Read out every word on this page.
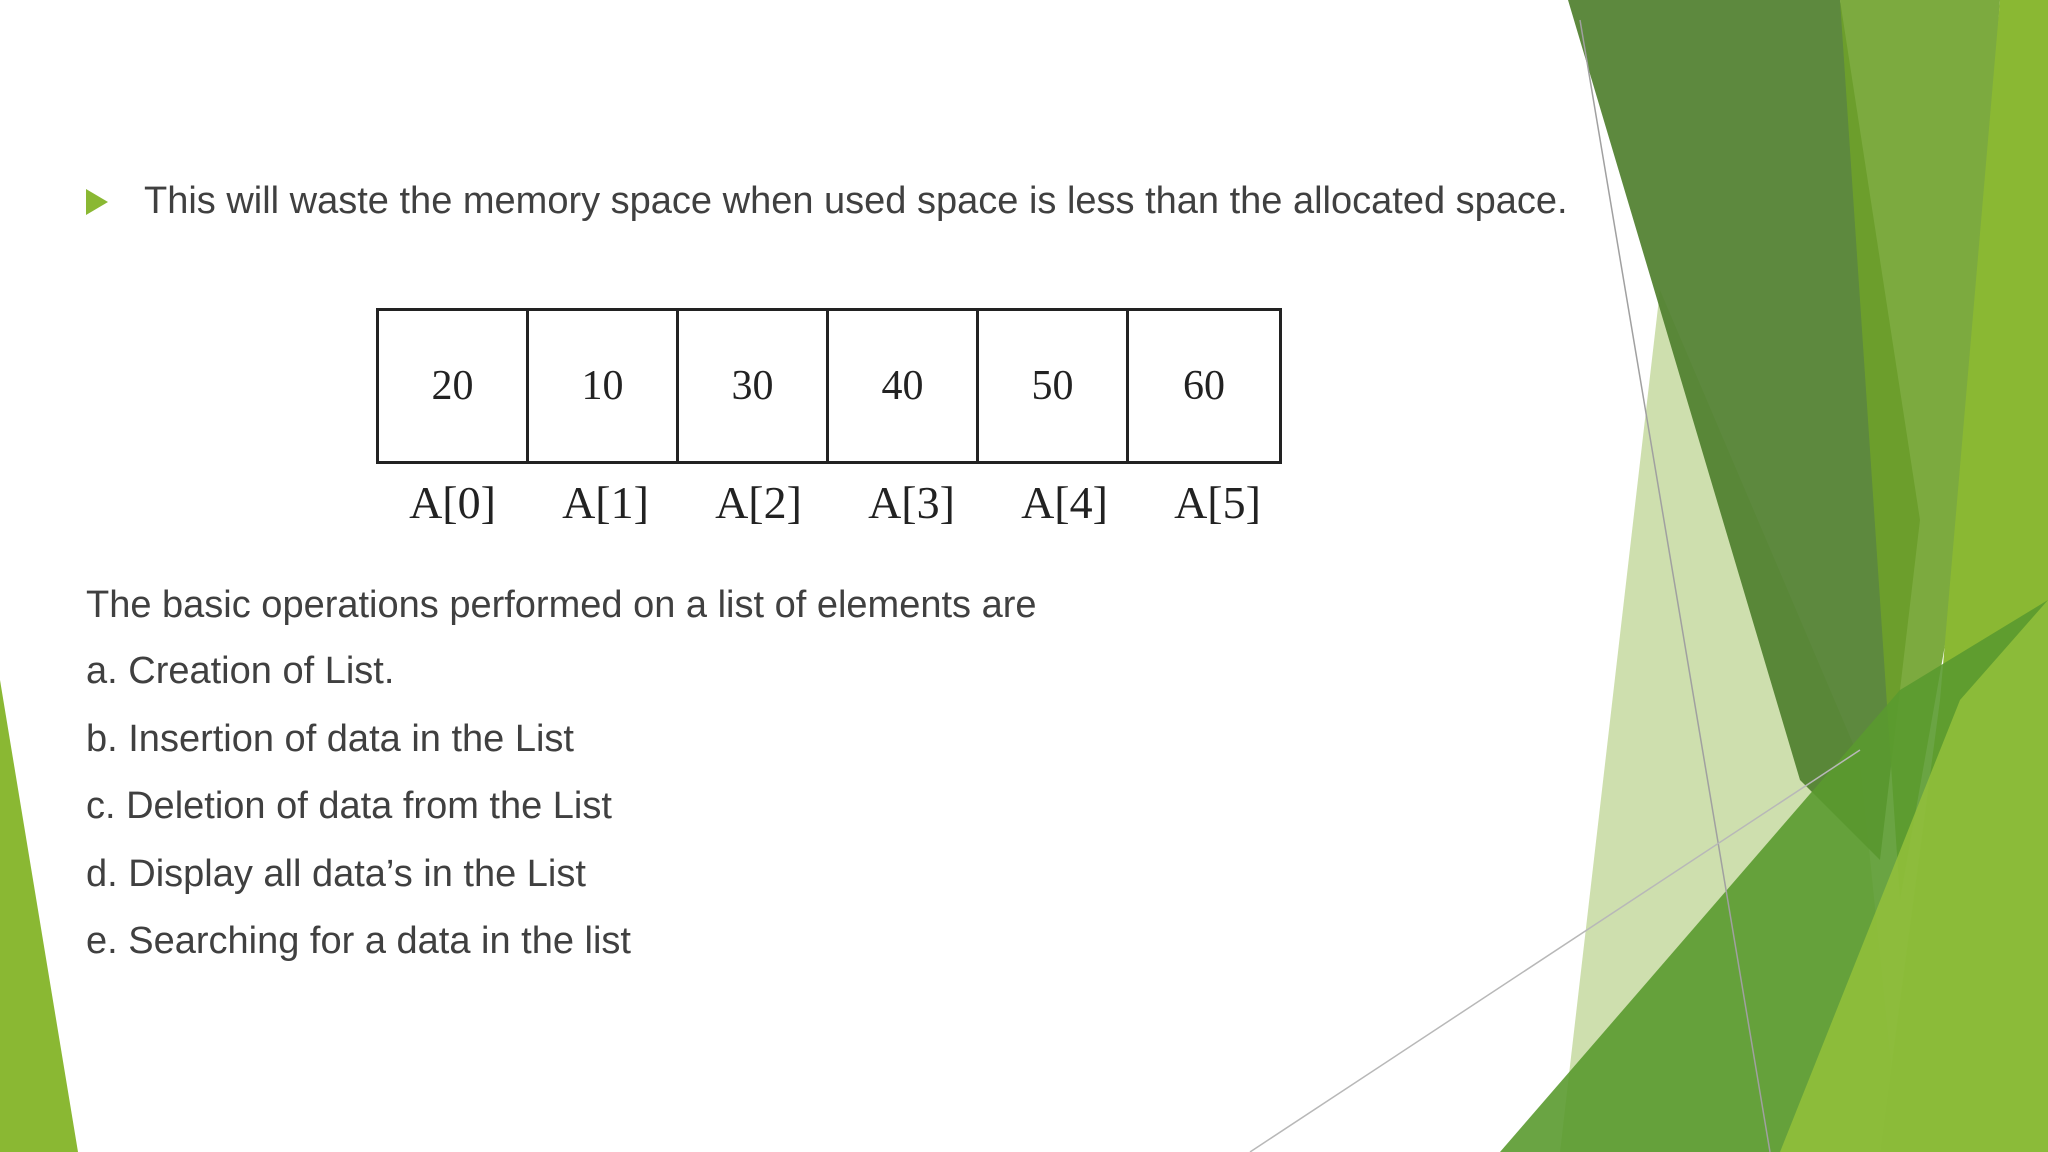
This will waste the memory space when used space is less than the allocated space.
20	10	30	40	50	60
A[0]	A[1]	A[2]	A[3]	A[4]	A[5]
The basic operations performed on a list of elements are
a. Creation of List.
b. Insertion of data in the List
c. Deletion of data from the List
d. Display all data’s in the List
e. Searching for a data in the list
